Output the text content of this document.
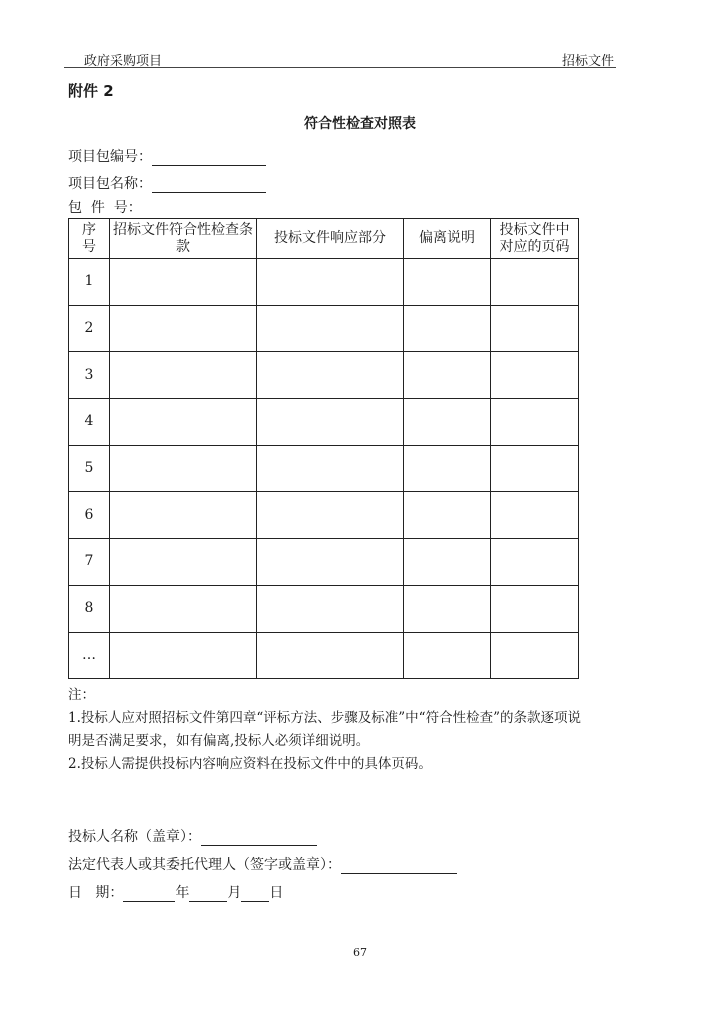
政府采购项目	招标文件
附件 2
符合性检查对照表
项目包编号：
项目包名称：
包  件  号：
序号	招标文件符合性检查条款	投标文件响应部分	偏离说明	投标文件中对应的页码

1				
2				
3				
4				
5				
6				
7				
8				
…				

注：

1.投标人应对照招标文件第四章“评标方法、步骤及标准”中“符合性检查”的条款逐项说

明是否满足要求，如有偏离,投标人必须详细说明。

2.投标人需提供投标内容响应资料在投标文件中的具体页码。

投标人名称（盖章）：
法定代表人或其委托代理人（签字或盖章）：
日   期：	年	月 日
67
